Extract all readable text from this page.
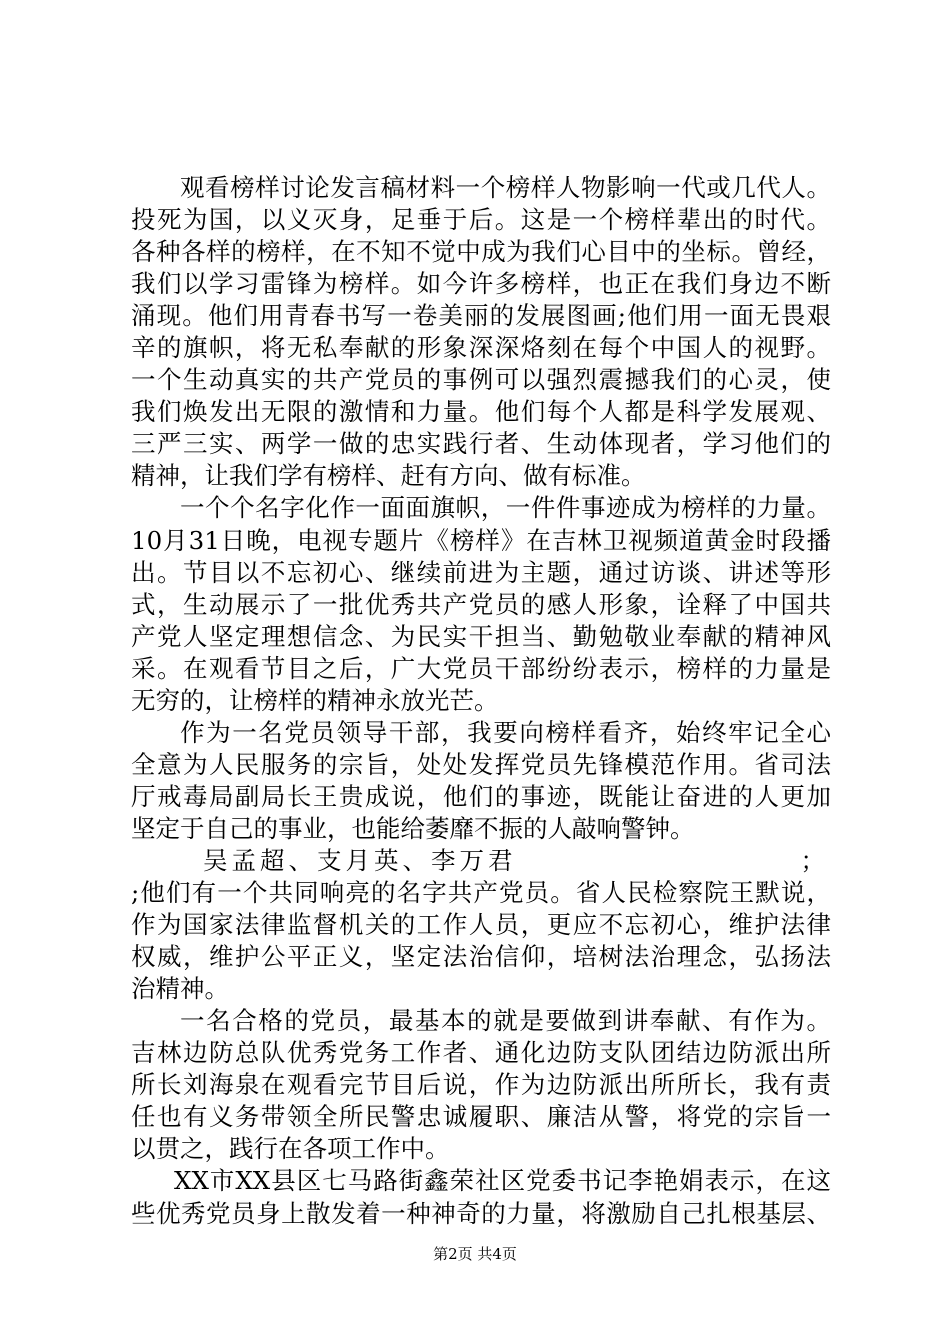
观看榜样讨论发言稿材料一个榜样人物影响一代或几代人。
投死为国，以义灭身，足垂于后。这是一个榜样辈出的时代。
各种各样的榜样，在不知不觉中成为我们心目中的坐标。曾经，
我们以学习雷锋为榜样。如今许多榜样，也正在我们身边不断
涌现。他们用青春书写一卷美丽的发展图画;他们用一面无畏艰
辛的旗帜，将无私奉献的形象深深烙刻在每个中国人的视野。
一个生动真实的共产党员的事例可以强烈震撼我们的心灵，使
我们焕发出无限的激情和力量。他们每个人都是科学发展观、
三严三实、两学一做的忠实践行者、生动体现者，学习他们的
精神，让我们学有榜样、赶有方向、做有标准。
一个个名字化作一面面旗帜，一件件事迹成为榜样的力量。
10月31日晚，电视专题片《榜样》在吉林卫视频道黄金时段播
出。节目以不忘初心、继续前进为主题，通过访谈、讲述等形
式，生动展示了一批优秀共产党员的感人形象，诠释了中国共
产党人坚定理想信念、为民实干担当、勤勉敬业奉献的精神风
采。在观看节目之后，广大党员干部纷纷表示，榜样的力量是
无穷的，让榜样的精神永放光芒。
作为一名党员领导干部，我要向榜样看齐，始终牢记全心
全意为人民服务的宗旨，处处发挥党员先锋模范作用。省司法
厅戒毒局副局长王贵成说，他们的事迹，既能让奋进的人更加
坚定于自己的事业，也能给萎靡不振的人敲响警钟。
吴孟超、支月英、李万君	；
;他们有一个共同响亮的名字共产党员。省人民检察院王默说，
作为国家法律监督机关的工作人员，更应不忘初心，维护法律
权威，维护公平正义，坚定法治信仰，培树法治理念，弘扬法
治精神。
一名合格的党员，最基本的就是要做到讲奉献、有作为。
吉林边防总队优秀党务工作者、通化边防支队团结边防派出所
所长刘海泉在观看完节目后说，作为边防派出所所长，我有责
任也有义务带领全所民警忠诚履职、廉洁从警，将党的宗旨一
以贯之，践行在各项工作中。
XX市XX县区七马路街鑫荣社区党委书记李艳娟表示，在这
些优秀党员身上散发着一种神奇的力量，将激励自己扎根基层、
第2页 共4页
